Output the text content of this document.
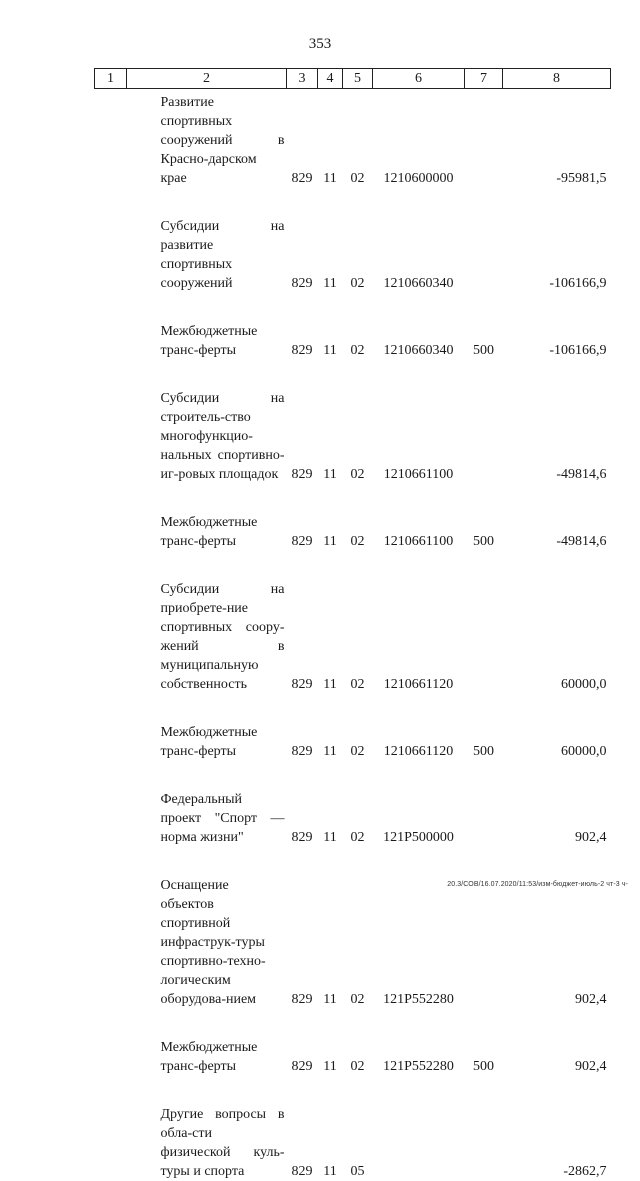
353
1	2	3	4	5	6	7	8

	Развитие спортивных сооружений в Красно-дарском крае	829	11	02	1210600000		-95981,5

	Субсидии на развитие спортивных сооружений	829	11	02	1210660340		-106166,9

	Межбюджетные транс-ферты	829	11	02	1210660340	500	-106166,9

	Субсидии на строитель-ство многофункцио-нальных спортивно-иг-ровых площадок	829	11	02	1210661100		-49814,6

	Межбюджетные транс-ферты	829	11	02	1210661100	500	-49814,6

	Субсидии на приобрете-ние спортивных соору-жений в муниципальную собственность	829	11	02	1210661120		60000,0

	Межбюджетные транс-ферты	829	11	02	1210661120	500	60000,0

	Федеральный проект "Спорт — норма жизни"	829	11	02	121P500000		902,4

	Оснащение объектов спортивной инфраструк-туры спортивно-техно-логическим оборудова-нием	829	11	02	121P552280		902,4

	Межбюджетные транс-ферты	829	11	02	121P552280	500	902,4

	Другие вопросы в обла-сти физической куль-туры и спорта	829	11	05			-2862,7
20.3/СОВ/16.07.2020/11:53/изм-бюджет-июль-2 чт-3 ч-
